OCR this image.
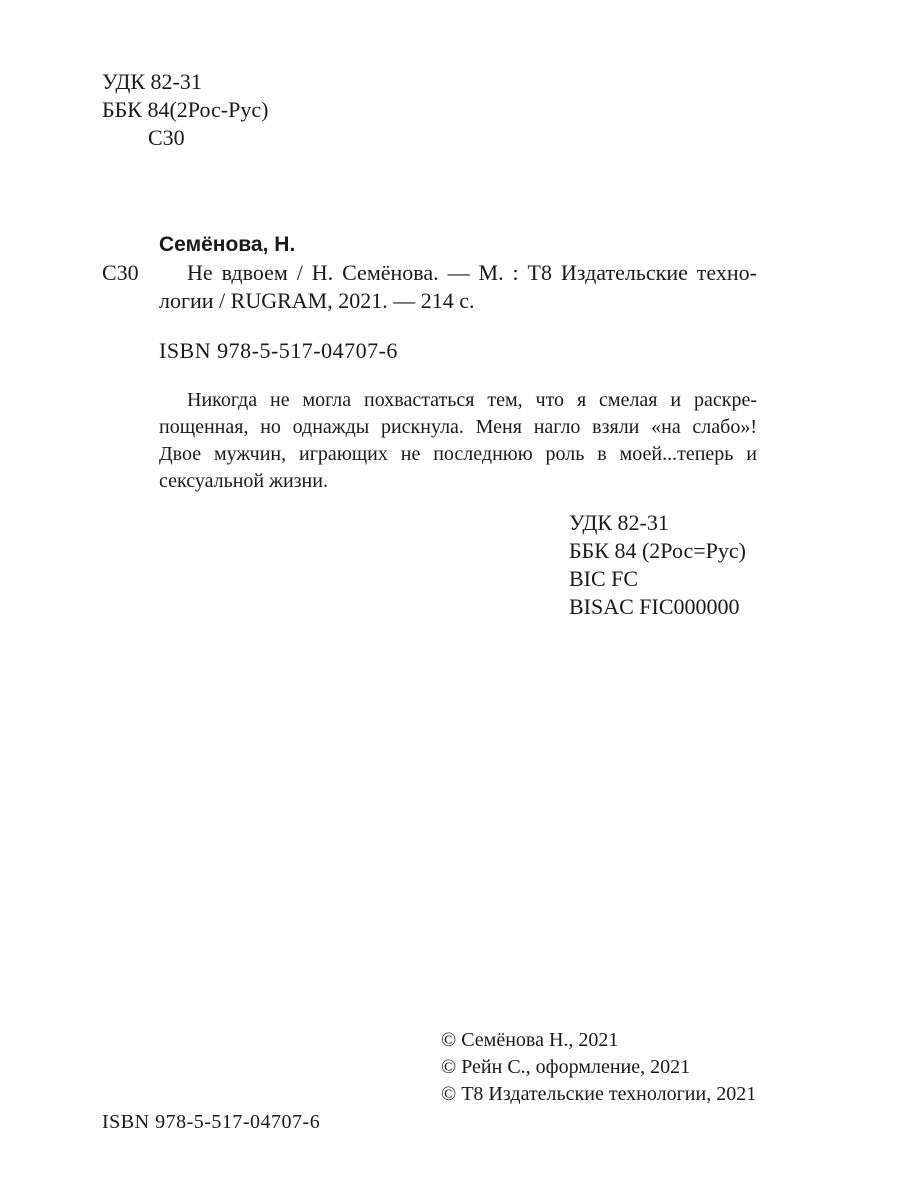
УДК 82-31
ББК 84(2Рос-Рус)
С30
С30
Семёнова, Н.
Не вдвоем / Н. Семёнова. — М. : Т8 Издательские техно-
логии / RUGRAM, 2021. — 214 с.
ISBN 978-5-517-04707-6
Никогда не могла похвастаться тем, что я смелая и раскре-
пощенная, но однажды рискнула. Меня нагло взяли «на слабо»!
Двое мужчин, играющих не последнюю роль в моей...теперь и
сексуальной жизни.
УДК 82-31
ББК 84 (2Рос=Рус)
BIC FC
BISAC FIC000000
© Семёнова Н., 2021
© Рейн С., оформление, 2021
© Т8 Издательские технологии, 2021
ISBN 978-5-517-04707-6
